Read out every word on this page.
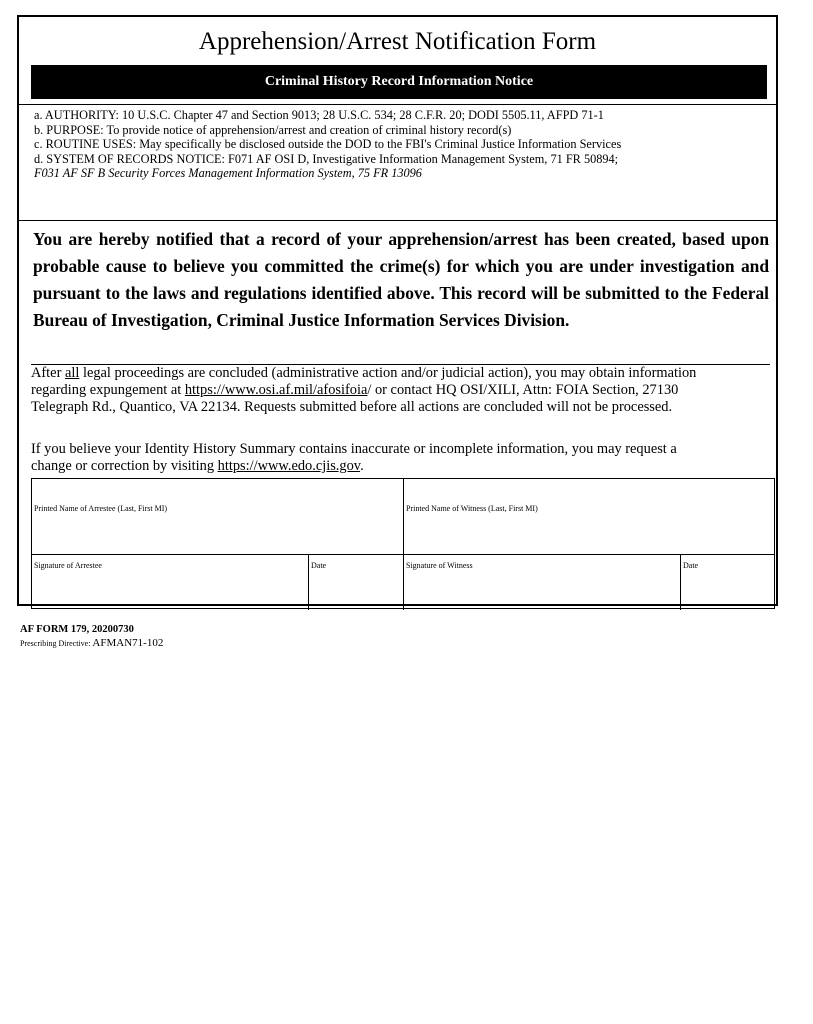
Apprehension/Arrest Notification Form
Criminal History Record Information Notice
a. AUTHORITY: 10 U.S.C. Chapter 47 and Section 9013; 28 U.S.C. 534; 28 C.F.R. 20; DODI 5505.11, AFPD 71-1
b. PURPOSE: To provide notice of apprehension/arrest and creation of criminal history record(s)
c. ROUTINE USES: May specifically be disclosed outside the DOD to the FBI's Criminal Justice Information Services
d. SYSTEM OF RECORDS NOTICE: F071 AF OSI D, Investigative Information Management System, 71 FR 50894;
F031 AF SF B Security Forces Management Information System, 75 FR 13096
You are hereby notified that a record of your apprehension/arrest has been created, based upon probable cause to believe you committed the crime(s) for which you are under investigation and pursuant to the laws and regulations identified above. This record will be submitted to the Federal Bureau of Investigation, Criminal Justice Information Services Division.
After all legal proceedings are concluded (administrative action and/or judicial action), you may obtain information
regarding expungement at https://www.osi.af.mil/afosifoia/ or contact HQ OSI/XILI, Attn: FOIA Section, 27130
Telegraph Rd., Quantico, VA 22134. Requests submitted before all actions are concluded will not be processed.
If you believe your Identity History Summary contains inaccurate or incomplete information, you may request a
change or correction by visiting https://www.edo.cjis.gov.
Printed Name of Arrestee (Last, First MI)	Printed Name of Witness (Last, First MI)
Signature of Arrestee	Date	Signature of Witness	Date
AF FORM 179, 20200730
Prescribing Directive: AFMAN71-102
